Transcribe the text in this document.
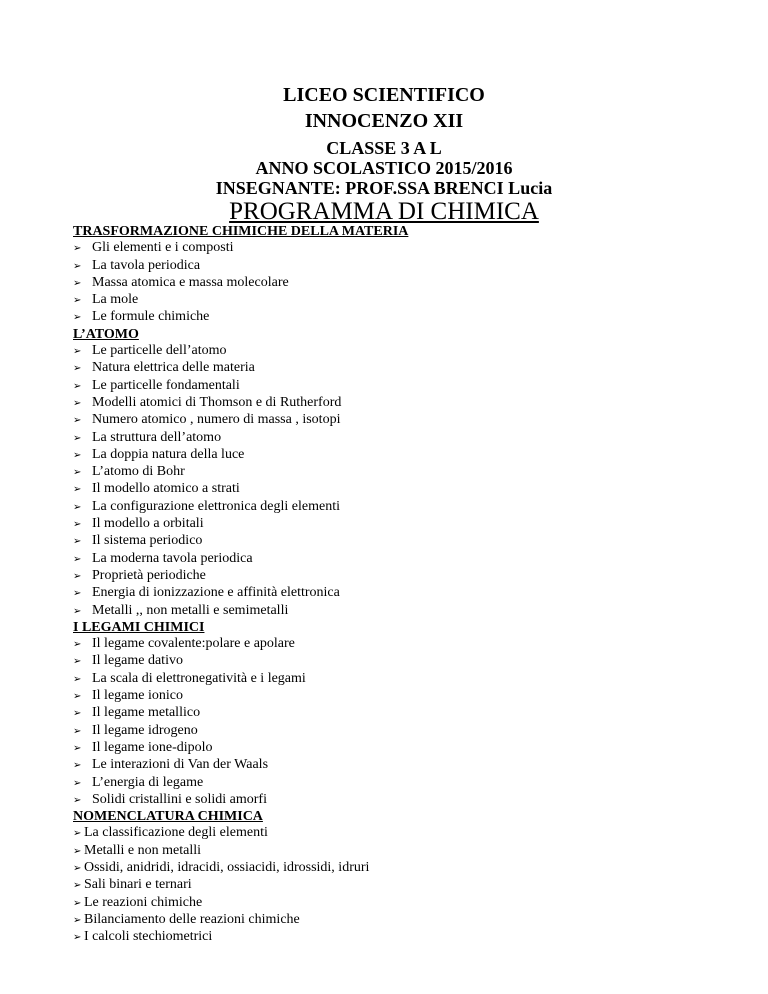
LICEO SCIENTIFICO
INNOCENZO XII
CLASSE 3 A L
ANNO SCOLASTICO 2015/2016
INSEGNANTE: PROF.SSA BRENCI Lucia
PROGRAMMA DI CHIMICA
TRASFORMAZIONE CHIMICHE DELLA MATERIA
➢ Gli elementi e i composti
➢ La tavola periodica
➢ Massa atomica e massa molecolare
➢ La mole
➢ Le formule chimiche
L’ATOMO
➢ Le particelle dell’atomo
➢ Natura elettrica delle materia
➢ Le particelle fondamentali
➢ Modelli atomici di Thomson e di Rutherford
➢ Numero atomico , numero di massa , isotopi
➢ La struttura dell’atomo
➢ La doppia natura della luce
➢ L’atomo di Bohr
➢ Il modello atomico a strati
➢ La configurazione elettronica degli elementi
➢ Il modello a orbitali
➢ Il sistema periodico
➢ La moderna tavola periodica
➢ Proprietà periodiche
➢ Energia di ionizzazione e affinità elettronica
➢ Metalli ,, non metalli e semimetalli
I LEGAMI CHIMICI
➢ Il legame covalente:polare e apolare
➢ Il legame dativo
➢ La scala di elettronegatività e i legami
➢ Il legame ionico
➢ Il legame metallico
➢ Il legame idrogeno
➢ Il legame ione-dipolo
➢ Le interazioni di Van der Waals
➢ L’energia di legame
➢ Solidi cristallini e solidi amorfi
NOMENCLATURA CHIMICA
➢ La classificazione degli elementi
➢ Metalli e non metalli
➢ Ossidi, anidridi, idracidi, ossiacidi, idrossidi, idruri
➢ Sali binari e ternari
➢ Le reazioni chimiche
➢ Bilanciamento delle reazioni chimiche
➢ I calcoli stechiometrici
